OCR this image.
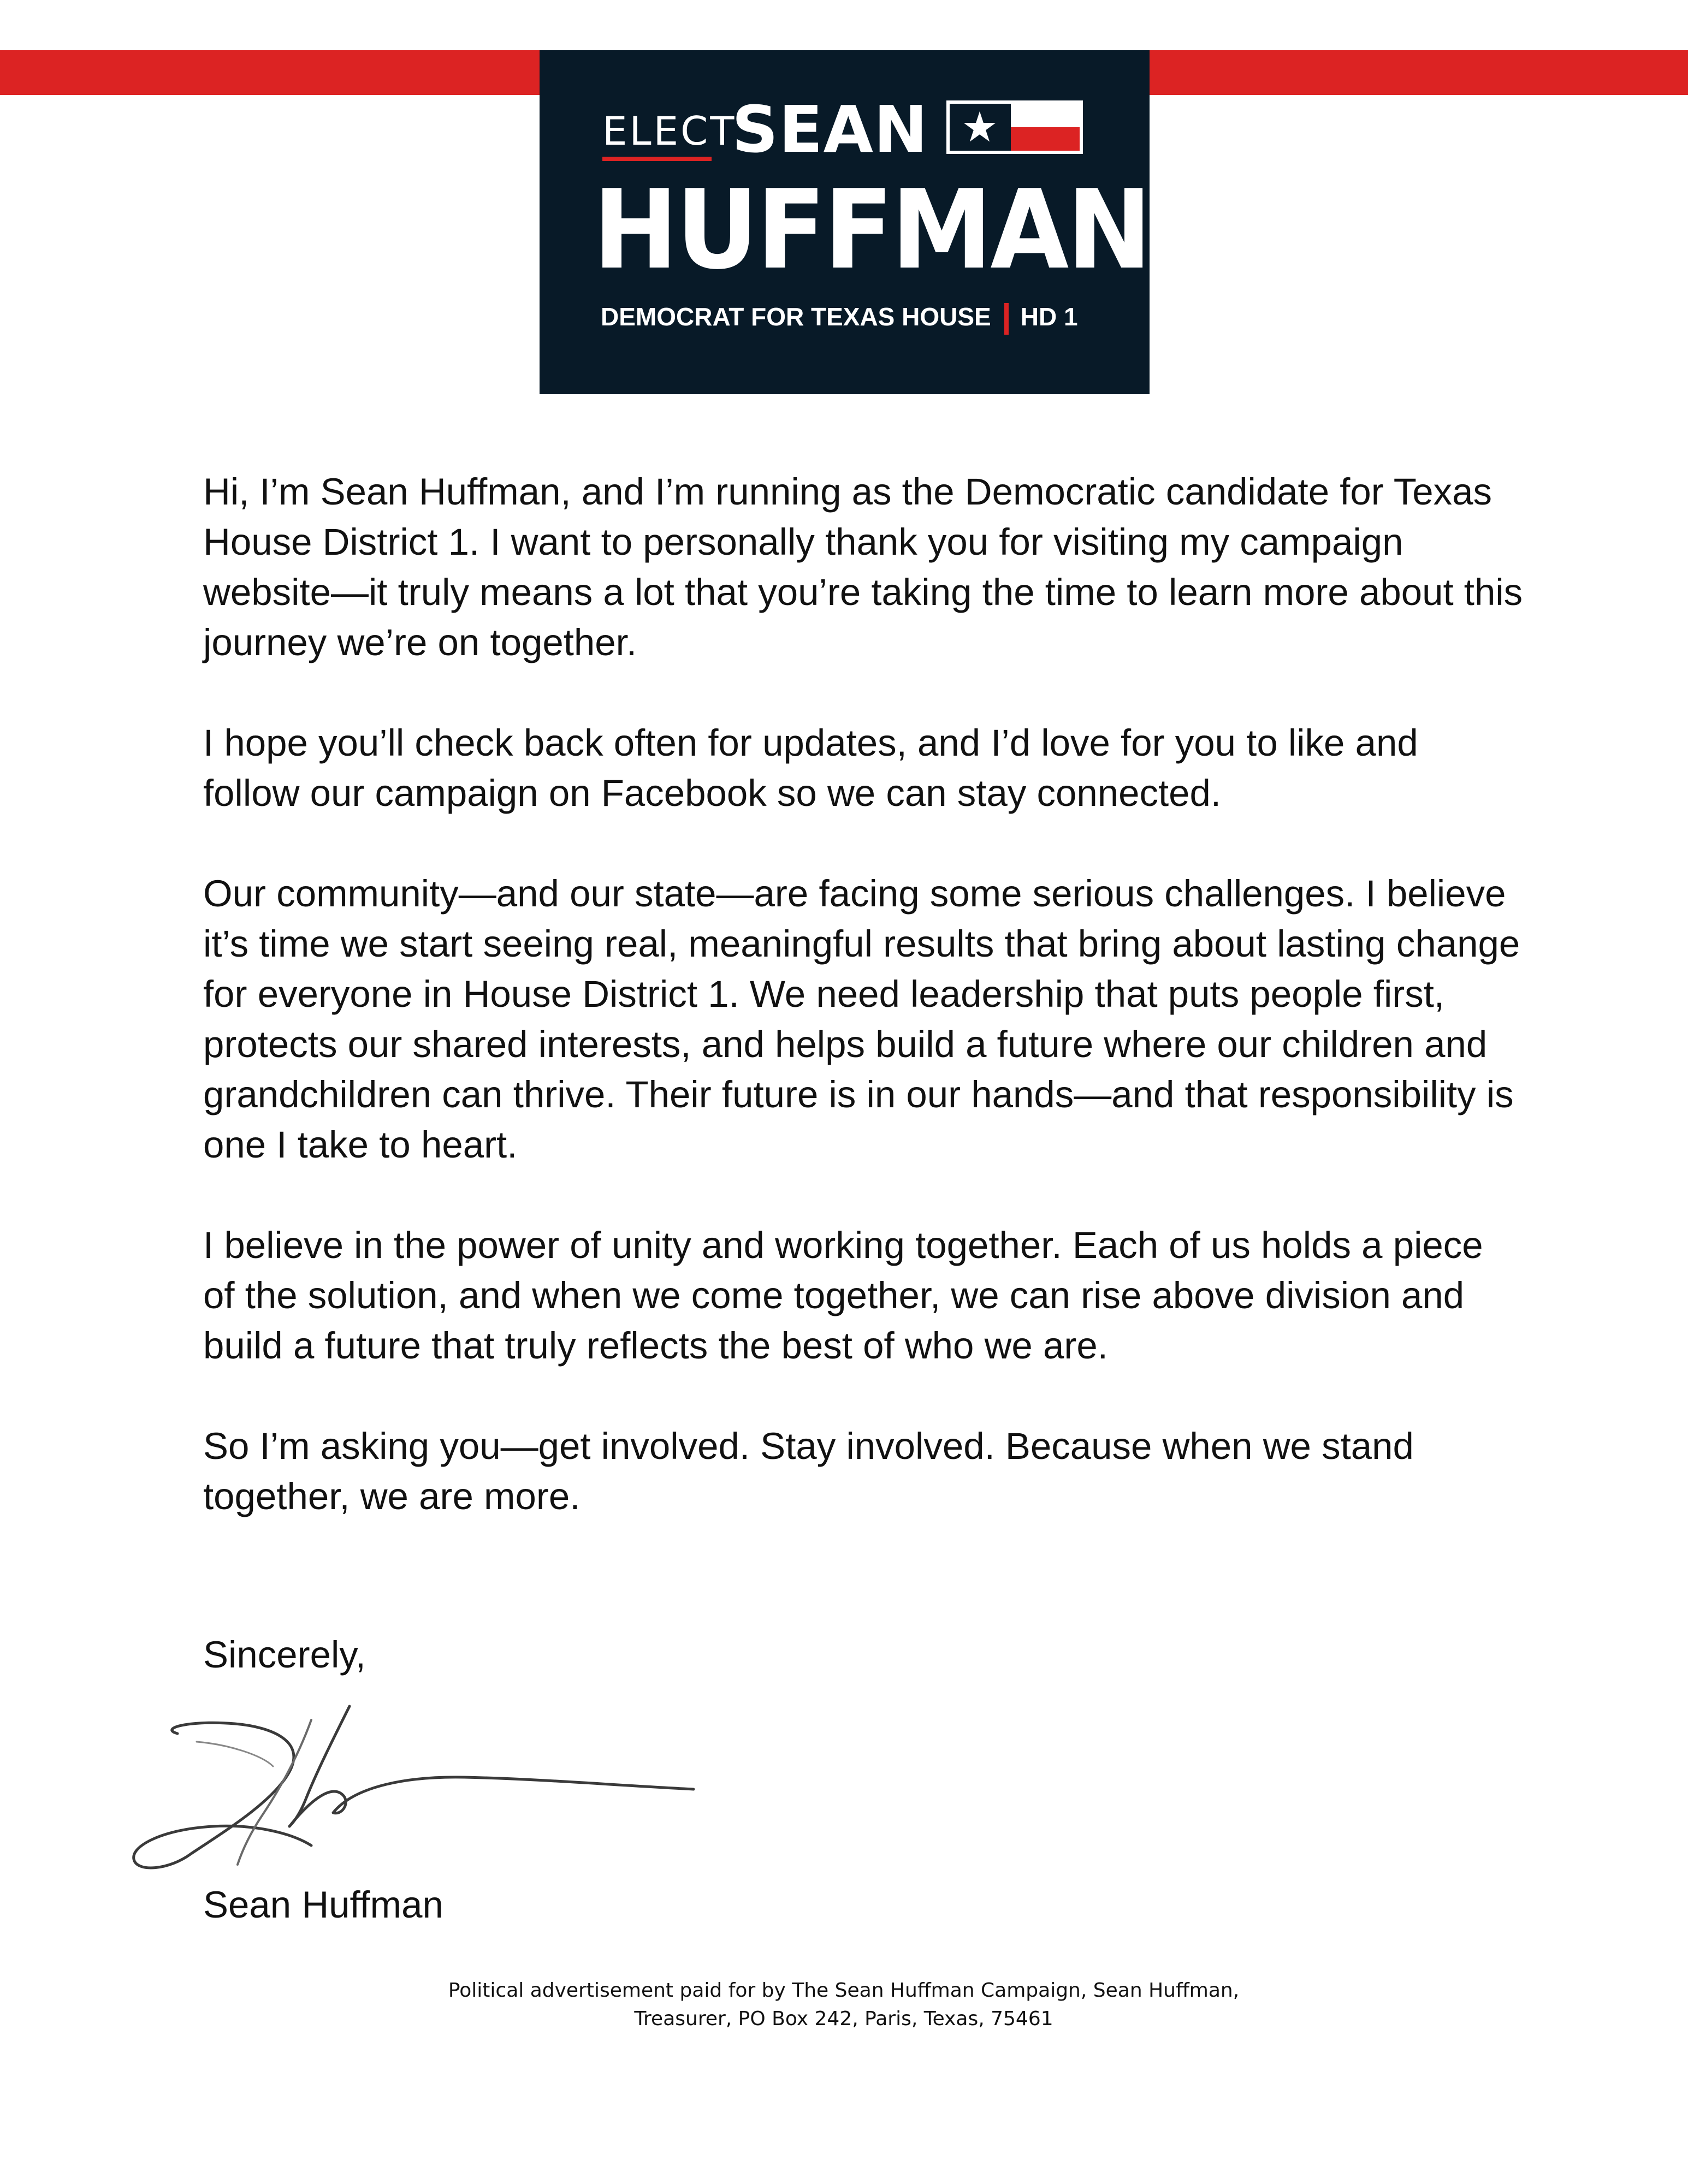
ELECT
SEAN ★
HUFFMAN
DEMOCRAT FOR TEXAS HOUSE HD 1

Hi, I’m Sean Huffman, and I’m running as the Democratic candidate for Texas House District 1. I want to personally thank you for visiting my campaign website—it truly means a lot that you’re taking the time to learn more about this journey we’re on together.

I hope you’ll check back often for updates, and I’d love for you to like and follow our campaign on Facebook so we can stay connected.

Our community—and our state—are facing some serious challenges. I believe it’s time we start seeing real, meaningful results that bring about lasting change for everyone in House District 1. We need leadership that puts people first, protects our shared interests, and helps build a future where our children and grandchildren can thrive. Their future is in our hands—and that responsibility is one I take to heart.

I believe in the power of unity and working together. Each of us holds a piece of the solution, and when we come together, we can rise above division and build a future that truly reflects the best of who we are.

So I’m asking you—get involved. Stay involved. Because when we stand together, we are more.

Sincerely,

Sean Huffman

Political advertisement paid for by The Sean Huffman Campaign, Sean Huffman,
Treasurer, PO Box 242, Paris, Texas, 75461
